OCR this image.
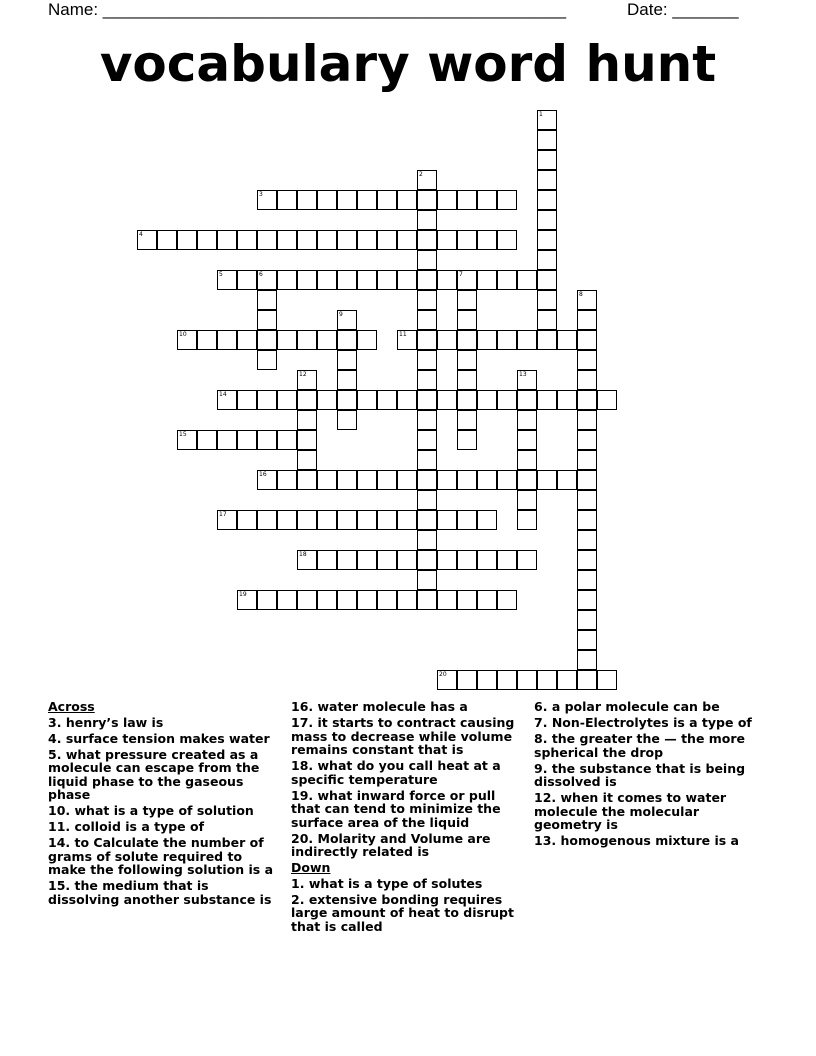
Name: _________________________________________________	Date: _______
vocabulary word hunt
1
2
3
4
5	6	7
8
9
10	11
12	13
14
15
16
17
18
19
20
Across
3. henry’s law is
4. surface tension makes water
5. what pressure created as a molecule can escape from the liquid phase to the gaseous phase
10. what is a type of solution
11. colloid is a type of
14. to Calculate the number of grams of solute required to make the following solution is a
15. the medium that is dissolving another substance is
16. water molecule has a
17. it starts to contract causing mass to decrease while volume remains constant that is
18. what do you call heat at a specific temperature
19. what inward force or pull that can tend to minimize the surface area of the liquid
20. Molarity and Volume are indirectly related is
Down
1. what is a type of solutes
2. extensive bonding requires large amount of heat to disrupt that is called
6. a polar molecule can be
7. Non-Electrolytes is a type of
8. the greater the — the more spherical the drop
9. the substance that is being dissolved is
12. when it comes to water molecule the molecular geometry is
13. homogenous mixture is a
